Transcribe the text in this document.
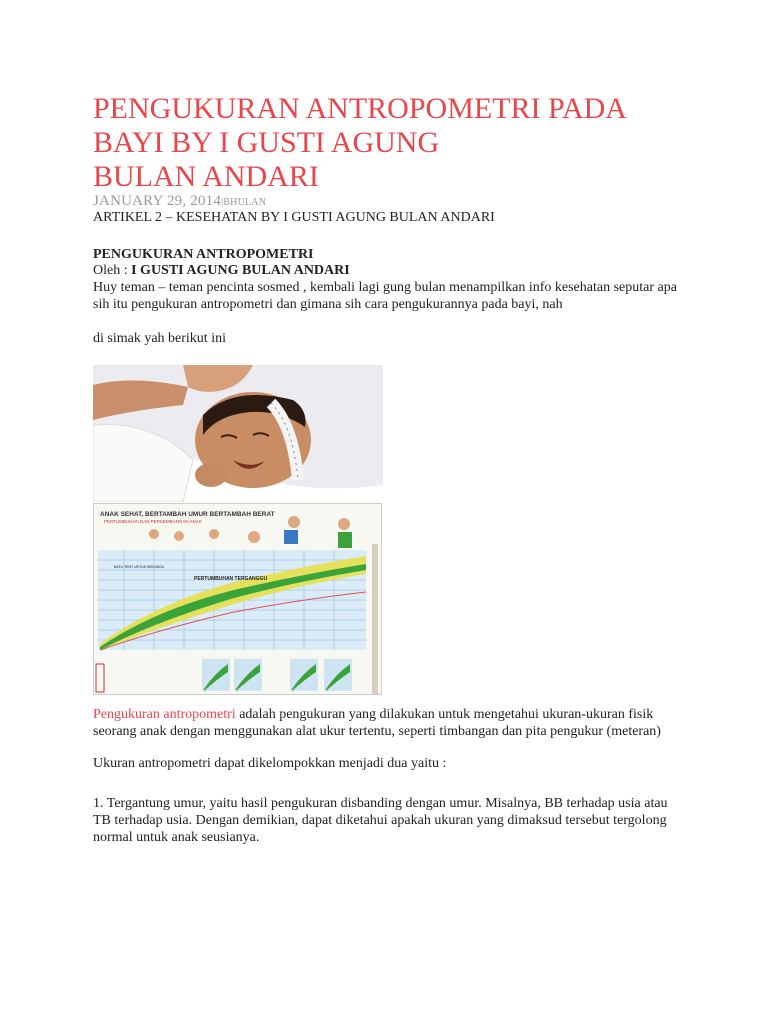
PENGUKURAN ANTROPOMETRI PADA
BAYI BY I GUSTI AGUNG
BULAN ANDARI
JANUARY 29, 2014|BHULAN
ARTIKEL 2 – KESEHATAN BY I GUSTI AGUNG BULAN ANDARI
PENGUKURAN ANTROPOMETRI
Oleh : I GUSTI AGUNG BULAN ANDARI

Huy teman – teman pencinta sosmed , kembali lagi gung bulan menampilkan info kesehatan seputar apa sih itu pengukuran antropometri dan gimana sih cara pengukurannya pada bayi, nah

di simak yah berikut ini

ANAK SEHAT, BERTAMBAH UMUR BERTAMBAH BERAT
PERTUMBUHAN DAN PERKEMBANGAN ANAK
PERTUMBUHAN TERGANGGU
BATU TENT UNTUK MENJAGA

Pengukuran antropometri adalah pengukuran yang dilakukan untuk mengetahui ukuran-ukuran fisik seorang anak dengan menggunakan alat ukur tertentu, seperti timbangan dan pita pengukur (meteran)

Ukuran antropometri dapat dikelompokkan menjadi dua yaitu :

1. Tergantung umur, yaitu hasil pengukuran disbanding dengan umur. Misalnya, BB terhadap usia atau TB terhadap usia. Dengan demikian, dapat diketahui apakah ukuran yang dimaksud tersebut tergolong normal untuk anak seusianya.
